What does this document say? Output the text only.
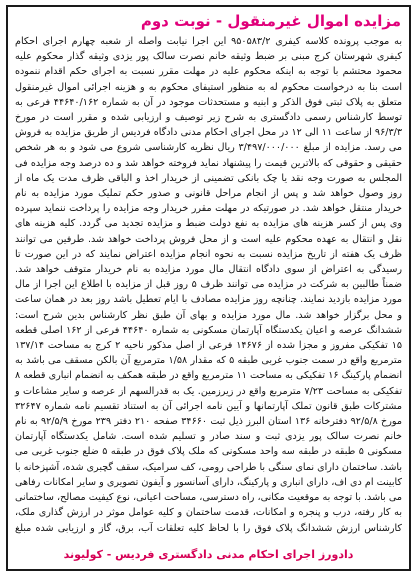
مزایده اموال غیرمنقول - نوبت دوم

به موجب پرونده کلاسه کیفری ۹۵۰۵۸۳/۲ این اجرا نیابت واصله از شعبه چهارم اجرای احکام کیفری شهرستان کرج مبنی بر ضبط وثیقه خانم نصرت سالک پور یزدی وثیقه گذار محکوم علیه محمود محتشم با توجه به اینکه محکوم علیه در مهلت مقرر نسبت به اجرای حکم اقدام ننموده است بنا به درخواست محکوم له به منظور استیفای محکوم به و هزینه اجرائی اموال غیرمنقول متعلق به پلاک ثبتی فوق الذکر و ابنیه و مستحدثات موجود در آن به شماره ۴۴۶۴۰/۱۶۲ فرعی به توسط کارشناس رسمی دادگستری به شرح زیر توصیف و ارزیابی شده و مقرر است در مورخ ۹۶/۳/۳ از ساعت ۱۱ الی ۱۲ در محل اجرای احکام مدنی دادگاه فردیس از طریق مزایده به فروش می رسد. مزایده از مبلغ ۳/۴۹۷/۰۰۰/۰۰۰ ریال نظریه کارشناسی شروع می شود و به هر شخص حقیقی و حقوقی که بالاترین قیمت را پیشنهاد نماید فروخته خواهد شد و ده درصد وجه مزایده فی المجلس به صورت وجه نقد یا چک بانکی تضمینی از خریدار اخذ و الباقی ظرف مدت یک ماه از روز وصول خواهد شد و پس از انجام مراحل قانونی و صدور حکم تملیک مورد مزایده به نام خریدار منتقل خواهد شد. در صورتیکه در مهلت مقرر خریدار وجه مزایده را پرداخت ننماید سپرده وی پس از کسر هزینه های مزایده به نفع دولت ضبط و مزایده تجدید می گردد. کلیه هزینه های نقل و انتقال به عهده محکوم علیه است و از محل فروش پرداخت خواهد شد. طرفین می توانند ظرف یک هفته از تاریخ مزایده نسبت به نحوه انجام مزایده اعتراض نمایند که در این صورت تا رسیدگی به اعتراض از سوی دادگاه انتقال مال مورد مزایده به نام خریدار متوقف خواهد شد. ضمناً طالبین به شرکت در مزایده می توانند ظرف ۵ روز قبل از مزایده با اطلاع این اجرا از مال مورد مزایده بازدید نمایند. چنانچه روز مزایده مصادف با ایام تعطیل باشد روز بعد در همان ساعت و محل برگزار خواهد شد. مال مورد مزایده و بهای آن طبق نظر کارشناس بدین شرح است: ششدانگ عرصه و اعیان یکدستگاه آپارتمان مسکونی به شماره ۴۴۶۴۰ فرعی از ۱۶۲ اصلی قطعه ۱۵ تفکیکی مفروز و مجزا شده از ۱۴۶۷۶ فرعی از اصل مذکور ناحیه ۲ کرج به مساحت ۱۳۷/۱۴ مترمربع واقع در سمت جنوب غربی طبقه ۵ که مقدار ۱/۵۸ مترمربع آن بالکن مسقف می باشد به انضمام پارکینگ ۱۶ تفکیکی به مساحت ۱۱ مترمربع واقع در طبقه همکف به انضمام انباری قطعه ۸ تفکیکی به مساحت ۷/۲۳ مترمربع واقع در زیرزمین. یک به قدرالسهم از عرصه و سایر مشاعات و مشترکات طبق قانون تملک آپارتمانها و آیین نامه اجرائی آن به استناد تقسیم نامه شماره ۳۲۶۴۷ مورخ ۹۲/۵/۸ دفترخانه ۱۳۶ استان البرز ذیل ثبت ۳۴۶۶۰ صفحه ۲۱۰ دفتر ۲۳۹ مورخ ۹۲/۵/۹ به نام خانم نصرت سالک پور یزدی ثبت و سند صادر و تسلیم شده است. شامل یکدستگاه آپارتمان مسکونی ۵ طبقه در طبقه سه واحد مسکونی که ملک پلاک فوق در طبقه ۵ ضلع جنوب غربی می باشد. ساختمان دارای نمای سنگی با طراحی رومی، کف سرامیک، سقف گچبری شده، آشپزخانه با کابینت ام دی اف، دارای انباری و پارکینگ، دارای آسانسور و آیفون تصویری و سایر امکانات رفاهی می باشد. با توجه به موقعیت مکانی، راه دسترسی، مساحت اعیانی، نوع کیفیت مصالح، ساختمانی به کار رفته، درب و پنجره و امکانات، قدمت ساختمان و کلیه عوامل موثر در ارزش گذاری ملک، کارشناس ارزش ششدانگ پلاک فوق را با لحاظ کلیه تعلقات آب، برق، گاز و ارزیابی شده مبلغ

دادورز اجرای احکام مدنی دادگستری فردیس - کولیوند
